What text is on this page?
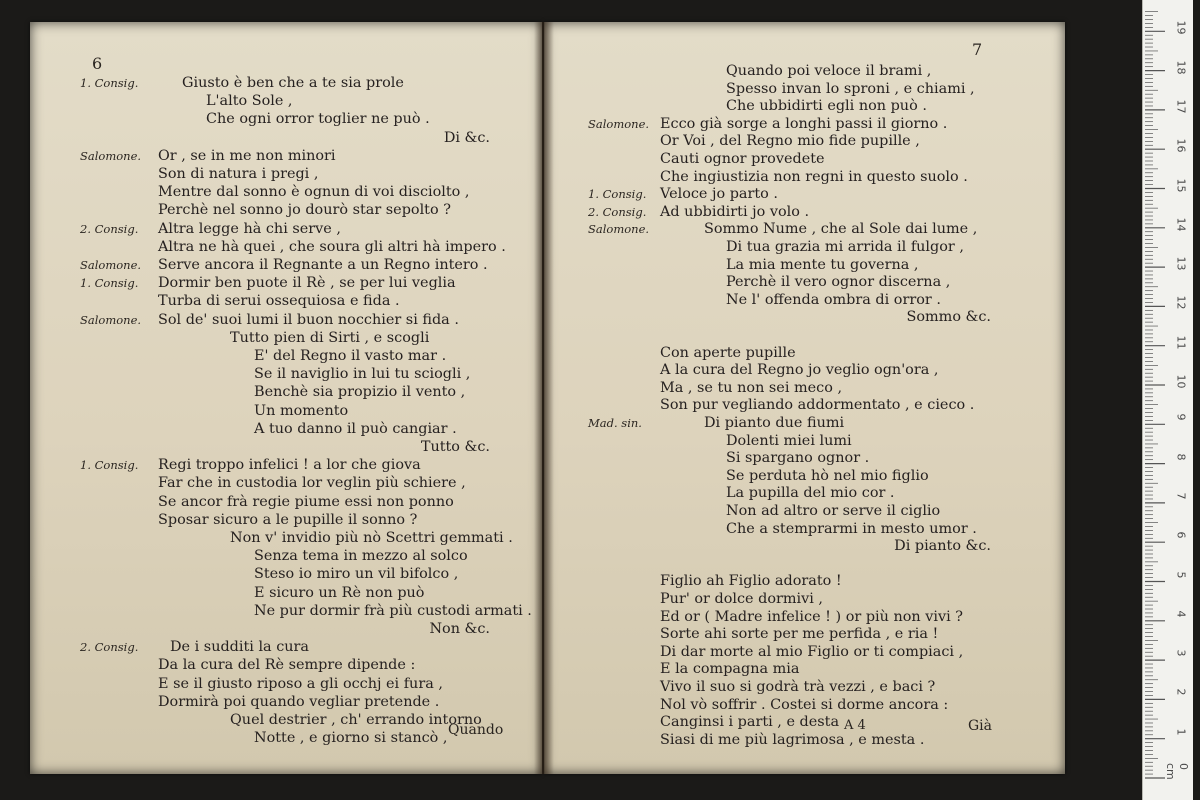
6
1. Consig.	Giusto è ben che a te sia prole
L'alto Sole ,
Che ogni orror toglier ne può .
Di &c.
Salomone. Or , se in me non minori
Son di natura i pregi ,
Mentre dal sonno è ognun di voi disciolto ,
Perchè nel sonno jo dourò star sepolto ?
2. Consig. Altra legge hà chi serve ,
Altra ne hà quei , che soura gli altri hà impero .
Salomone. Serve ancora il Regnante a un Regno intero .
1. Consig. Dormir ben puote il Rè , se per lui veglia
Turba di serui ossequiosa e fida .
Salomone. Sol de' suoi lumi il buon nocchier si fida .
Tutto pien di Sirti , e scogli
E' del Regno il vasto mar .
Se il naviglio in lui tu sciogli ,
Benchè sia propizio il vento ,
Un momento
A tuo danno il può cangiar .
Tutto &c.
1. Consig. Regi troppo infelici ! a lor che giova
Far che in custodia lor veglin più schiere ,
Se ancor frà regie piume essi non ponno
Sposar sicuro a le pupille il sonno ?
Non v' invidio più nò Scettri gemmati .
Senza tema in mezzo al solco
Steso io miro un vil bifolco ,
E sicuro un Rè non può
Ne pur dormir frà più custodi armati .
Non &c.
2. Consig. De i sudditi la cura
Da la cura del Rè sempre dipende :
E se il giusto riposo a gli occhj ei fura ,
Dormirà poi quando vegliar pretende .
Quel destrier , ch' errando intorno
Notte , e giorno si stancò ,
Quando
7
Quando poi veloce il brami ,
Spesso invan lo sproni , e chiami ,
Che ubbidirti egli non può .
Salomone. Ecco già sorge a longhi passi il giorno .
Or Voi , del Regno mio fide pupille ,
Cauti ognor provedete
Che ingiustizia non regni in questo suolo .
1. Consig. Veloce jo parto .
2. Consig. Ad ubbidirti jo volo .
Salomone.	Sommo Nume , che al Sole dai lume ,
Di tua grazia mi arrida il fulgor ,
La mia mente tu governa ,
Perchè il vero ognor discerna ,
Ne l' offenda ombra di orror .
Sommo &c.
Con aperte pupille
A la cura del Regno jo veglio ogn'ora ,
Ma , se tu non sei meco ,
Son pur vegliando addormentato , e cieco .
Mad. sin.	Di pianto due fiumi
Dolenti miei lumi
Si spargano ognor .
Se perduta hò nel mio figlio
La pupilla del mio cor .
Non ad altro or serve il ciglio
Che a stemprarmi in mesto umor .
Di pianto &c.
Figlio ah Figlio adorato !
Pur' or dolce dormivi ,
Ed or ( Madre infelice ! ) or più non vivi ?
Sorte ahi sorte per me perfida , e ria !
Di dar morte al mio Figlio or ti compiaci ,
E la compagna mia
Vivo il suo si godrà trà vezzi , e baci ?
Nol vò soffrir . Costei si dorme ancora :
Canginsi i parti , e desta
Siasi di me più lagrimosa , e mesta .
A 4	Già
0 cm
1
2
3
4
5
6
7
8
9
10
11
12
13
14
15
16
17
18
19
